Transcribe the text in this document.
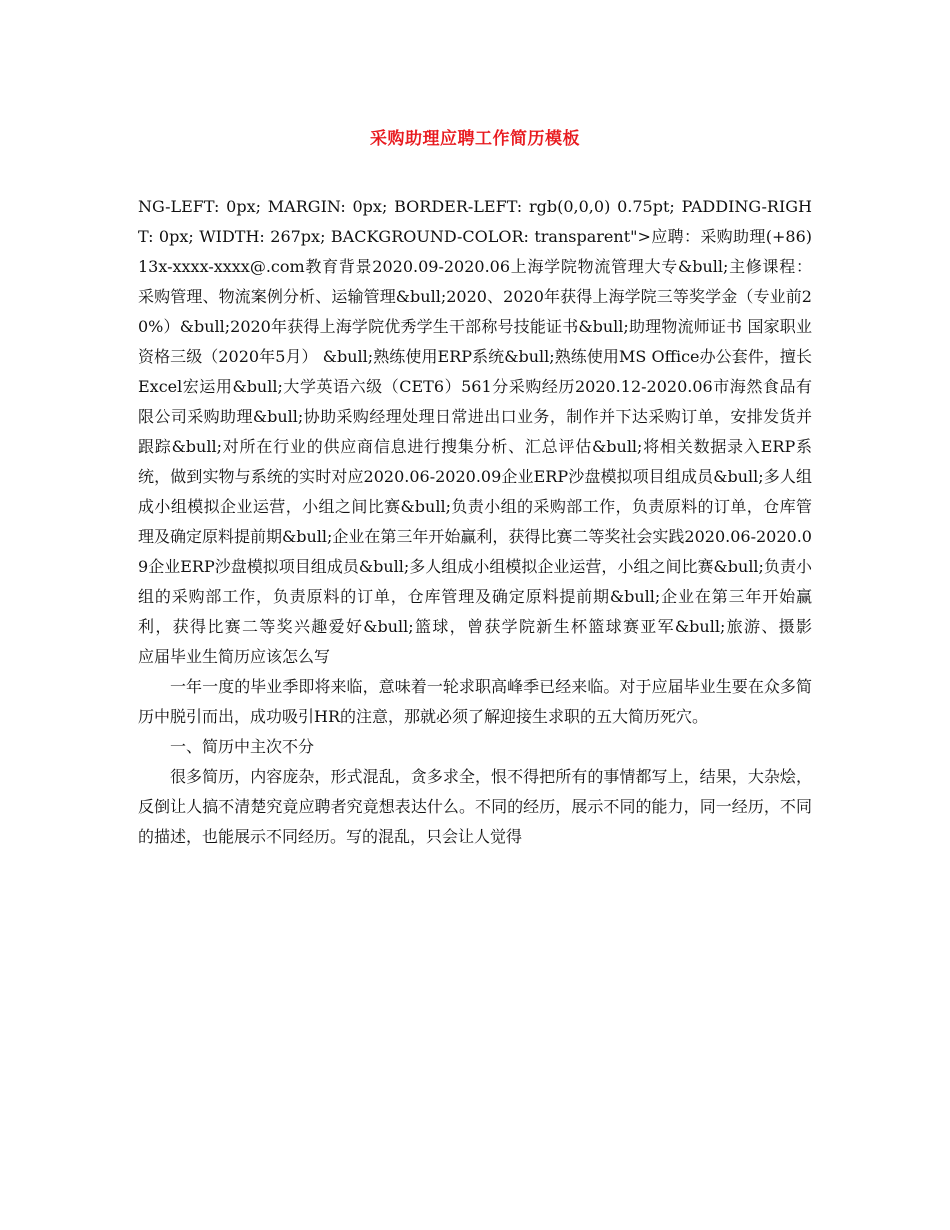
采购助理应聘工作简历模板

NG-LEFT: 0px; MARGIN: 0px; BORDER-LEFT: rgb(0,0,0) 0.75pt; PADDING-RIGHT: 0px; WIDTH: 267px; BACKGROUND-COLOR: transparent">应聘：采购助理(+86) 13x-xxxx-xxxx@.com教育背景2020.09-2020.06上海学院物流管理大专&bull;主修课程：采购管理、物流案例分析、运输管理&bull;2020、2020年获得上海学院三等奖学金（专业前20%）&bull;2020年获得上海学院优秀学生干部称号技能证书&bull;助理物流师证书 国家职业资格三级（2020年5月） &bull;熟练使用ERP系统&bull;熟练使用MS Office办公套件，擅长Excel宏运用&bull;大学英语六级（CET6）561分采购经历2020.12-2020.06市海然食品有限公司采购助理&bull;协助采购经理处理日常进出口业务，制作并下达采购订单，安排发货并跟踪&bull;对所在行业的供应商信息进行搜集分析、汇总评估&bull;将相关数据录入ERP系统，做到实物与系统的实时对应2020.06-2020.09企业ERP沙盘模拟项目组成员&bull;多人组成小组模拟企业运营，小组之间比赛&bull;负责小组的采购部工作，负责原料的订单，仓库管理及确定原料提前期&bull;企业在第三年开始赢利，获得比赛二等奖社会实践2020.06-2020.09企业ERP沙盘模拟项目组成员&bull;多人组成小组模拟企业运营，小组之间比赛&bull;负责小组的采购部工作，负责原料的订单，仓库管理及确定原料提前期&bull;企业在第三年开始赢利，获得比赛二等奖兴趣爱好&bull;篮球，曾获学院新生杯篮球赛亚军&bull;旅游、摄影　　应届毕业生简历应该怎么写

一年一度的毕业季即将来临，意味着一轮求职高峰季已经来临。对于应届毕业生要在众多简历中脱引而出，成功吸引HR的注意，那就必须了解迎接生求职的五大简历死穴。

一、简历中主次不分

很多简历，内容庞杂，形式混乱，贪多求全，恨不得把所有的事情都写上，结果，大杂烩，反倒让人搞不清楚究竟应聘者究竟想表达什么。不同的经历，展示不同的能力，同一经历，不同的描述，也能展示不同经历。写的混乱，只会让人觉得
